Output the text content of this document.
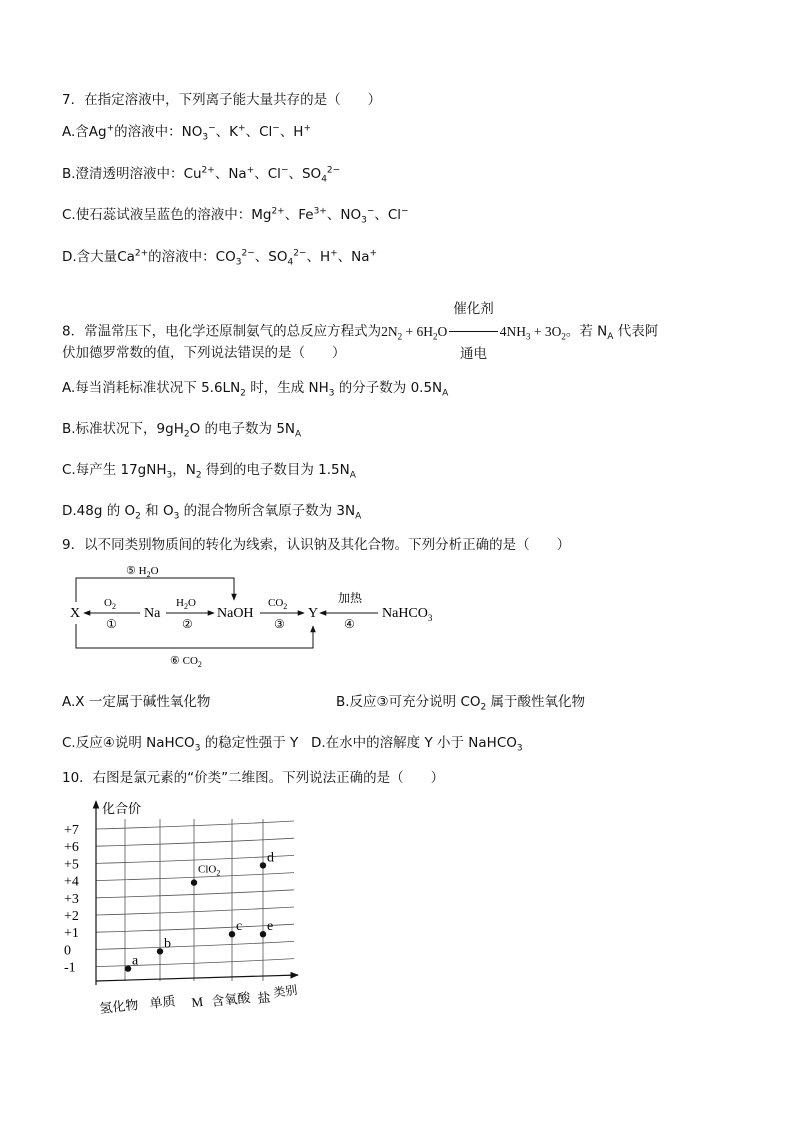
7．在指定溶液中，下列离子能大量共存的是（　　）
A.含Ag+的溶液中：$NO_3^-$、K+、Cl−、H+
B.澄清透明溶液中：$Cu^{2+}$、Na+、Cl−、$SO_4^{2-}$
C.使石蕊试液呈蓝色的溶液中：$Mg^{2+}$、$Fe^{3+}$、$NO_3^-$、Cl−
D.含大量$Ca^{2+}$的溶液中：$CO_3^{2-}$、$SO_4^{2-}$、H+、Na+
8．常温常压下，电化学还原制氨气的总反应方程式为$2N_2 + 6H_2O \frac{\text{催化剂}}{\text{通电}} 4NH_3 + 3O_2$。若 $N_A$ 代表阿
伏加德罗常数的值，下列说法错误的是（　　）
A.每当消耗标准状况下 $5.6LN_2$ 时，生成 $NH_3$ 的分子数为 $0.5N_A$
B.标准状况下，$9gH_2O$ 的电子数为 $5N_A$
C.每产生 17gNH$_3$，$N_2$ 得到的电子数目为 $1.5N_A$
D.48g 的 $O_2$ 和 $O_3$ 的混合物所含氧原子数为 $3N_A$
9．以不同类别物质间的转化为线索，认识钠及其化合物。下列分析正确的是（　　）
X	Na	NaOH	Y	NaHCO$_3$
$O_2$
①
$H_2O$
②
$CO_2$
③
加热
④
⑤ $H_2O$
⑥ $CO_2$
A.X 一定属于碱性氧化物	B.反应③可充分说明 $CO_2$ 属于酸性氧化物
C.反应④说明 NaHCO$_3$ 的稳定性强于 Y D.在水中的溶解度 Y 小于 NaHCO$_3$
10．右图是氯元素的“价类”二维图。下列说法正确的是（　　）
化合价
+7
+6
+5
+4
+3
+2
+1
0
-1
氢化物 单质 M 含氧酸 盐 类别
a
b
ClO$_2$
c
d
e
